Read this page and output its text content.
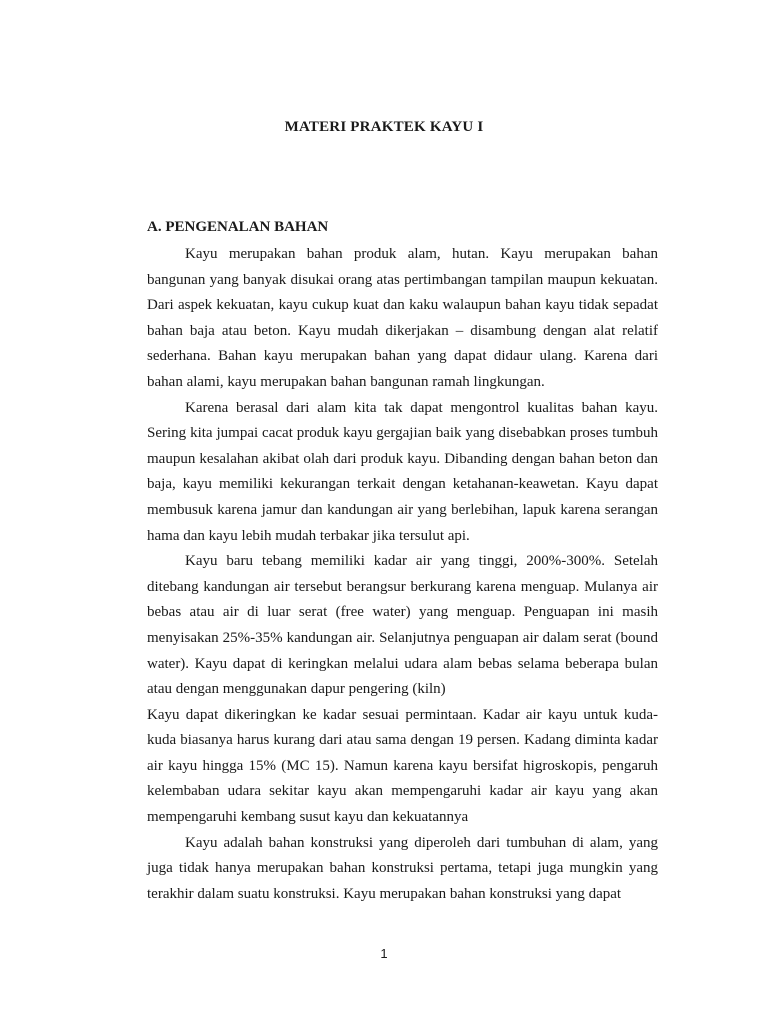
MATERI PRAKTEK KAYU I
A. PENGENALAN BAHAN

Kayu merupakan bahan produk alam, hutan. Kayu merupakan bahan bangunan yang banyak disukai orang atas pertimbangan tampilan maupun kekuatan. Dari aspek kekuatan, kayu cukup kuat dan kaku walaupun bahan kayu tidak sepadat bahan baja atau beton. Kayu mudah dikerjakan – disambung dengan alat relatif sederhana. Bahan kayu merupakan bahan yang dapat didaur ulang. Karena dari bahan alami, kayu merupakan bahan bangunan ramah lingkungan.

Karena berasal dari alam kita tak dapat mengontrol kualitas bahan kayu. Sering kita jumpai cacat produk kayu gergajian baik yang disebabkan proses tumbuh maupun kesalahan akibat olah dari produk kayu. Dibanding dengan bahan beton dan baja, kayu memiliki kekurangan terkait dengan ketahanan-keawetan. Kayu dapat membusuk karena jamur dan kandungan air yang berlebihan, lapuk karena serangan hama dan kayu lebih mudah terbakar jika tersulut api.

Kayu baru tebang memiliki kadar air yang tinggi, 200%-300%. Setelah ditebang kandungan air tersebut berangsur berkurang karena menguap. Mulanya air bebas atau air di luar serat (free water) yang menguap. Penguapan ini masih menyisakan 25%-35% kandungan air. Selanjutnya penguapan air dalam serat (bound water). Kayu dapat di keringkan melalui udara alam bebas selama beberapa bulan atau dengan menggunakan dapur pengering (kiln)

Kayu dapat dikeringkan ke kadar sesuai permintaan. Kadar air kayu untuk kuda-kuda biasanya harus kurang dari atau sama dengan 19 persen. Kadang diminta kadar air kayu hingga 15% (MC 15). Namun karena kayu bersifat higroskopis, pengaruh kelembaban udara sekitar kayu akan mempengaruhi kadar air kayu yang akan mempengaruhi kembang susut kayu dan kekuatannya

Kayu adalah bahan konstruksi yang diperoleh dari tumbuhan di alam, yang juga tidak hanya merupakan bahan konstruksi pertama, tetapi juga mungkin yang terakhir dalam suatu konstruksi. Kayu merupakan bahan konstruksi yang dapat

1
